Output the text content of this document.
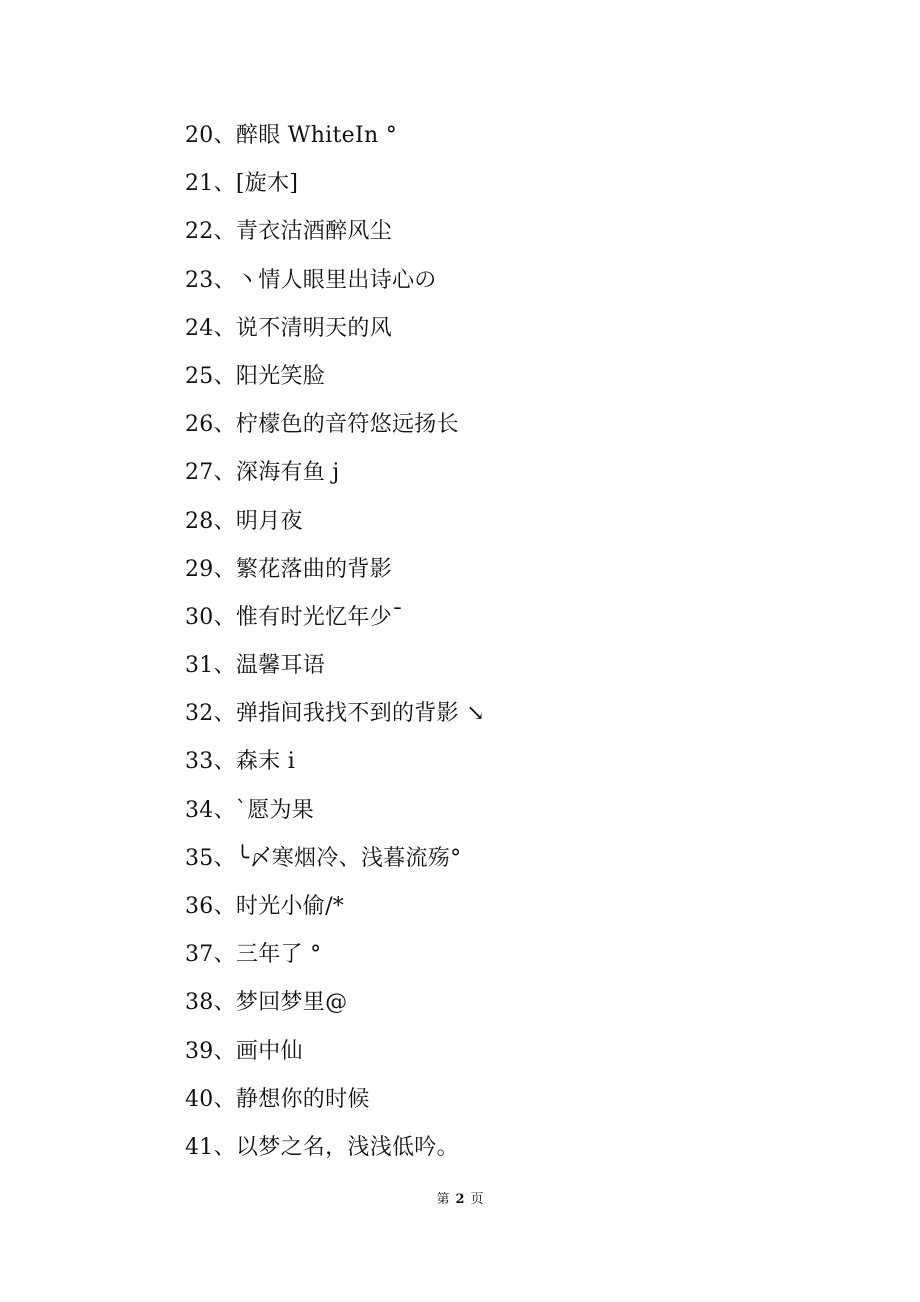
20、醉眼 WhiteIn °
21、[旋木]
22、青衣沽酒醉风尘
23、丶情人眼里出诗心の
24、说不清明天的风
25、阳光笑脸
26、柠檬色的音符悠远扬长
27、深海有鱼 j
28、明月夜
29、繁花落曲的背影
30、惟有时光忆年少¯
31、温馨耳语
32、弹指间我找不到的背影 ↘
33、森末 i
34、`愿为果
35、╰〆寒烟冷、浅暮流殇°
36、时光小偷/*
37、三年了 °
38、梦回梦里@
39、画中仙
40、静想你的时候
41、以梦之名，浅浅低吟。
第 2 页
